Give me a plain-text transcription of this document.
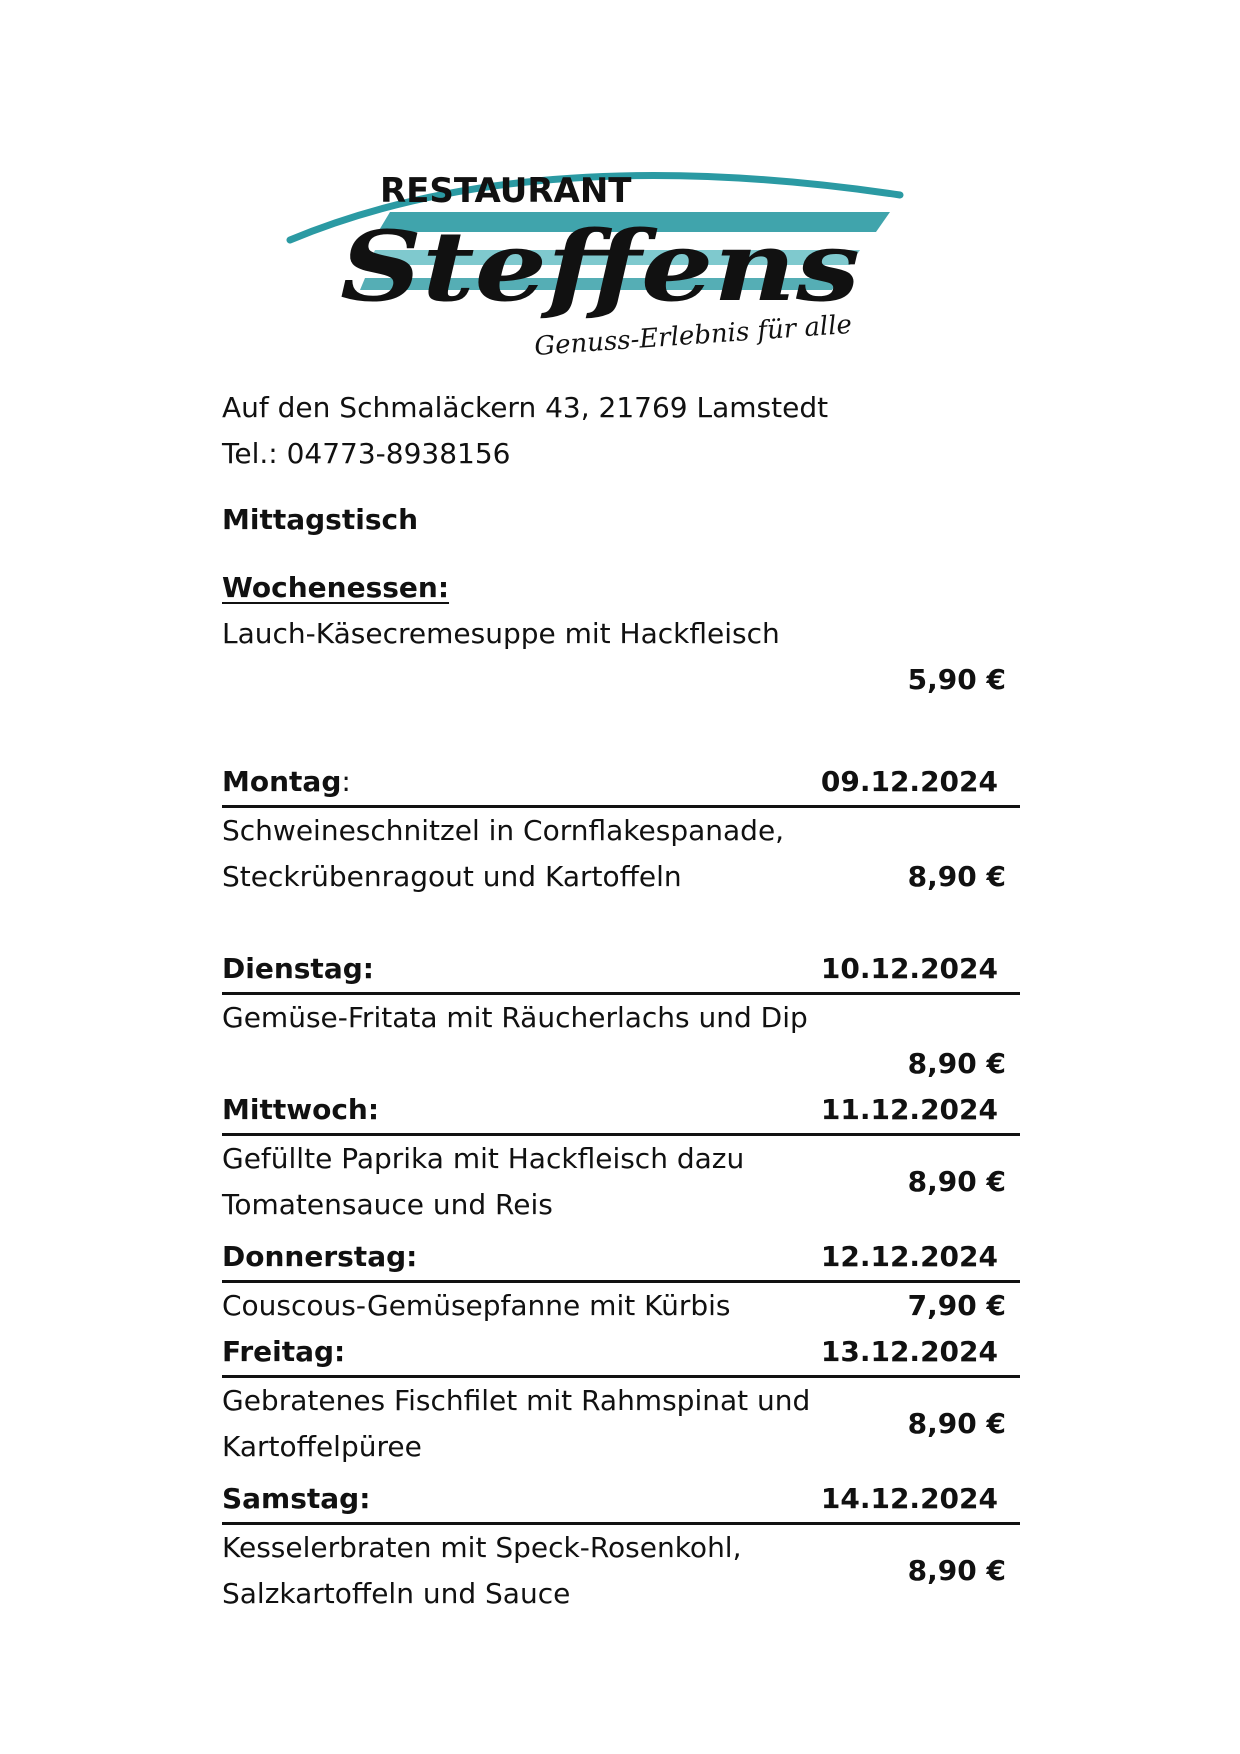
RESTAURANT
Steffens
Genuss-Erlebnis für alle
Auf den Schmaläckern 43, 21769 Lamstedt
Tel.: 04773-8938156
Mittagstisch
Wochenessen:
Lauch-Käsecremesuppe mit Hackfleisch
5,90 €
Montag:	09.12.2024
Schweineschnitzel in Cornflakespanade,
Steckrübenragout und Kartoffeln	8,90 €
Dienstag:	10.12.2024
Gemüse-Fritata mit Räucherlachs und Dip
8,90 €
Mittwoch:	11.12.2024
Gefüllte Paprika mit Hackfleisch dazu
Tomatensauce und Reis
8,90 €
Donnerstag:	12.12.2024
Couscous-Gemüsepfanne mit Kürbis	7,90 €
Freitag:	13.12.2024
Gebratenes Fischfilet mit Rahmspinat und
Kartoffelpüree
8,90 €
Samstag:	14.12.2024
Kesselerbraten mit Speck-Rosenkohl,
Salzkartoffeln und Sauce
8,90 €
